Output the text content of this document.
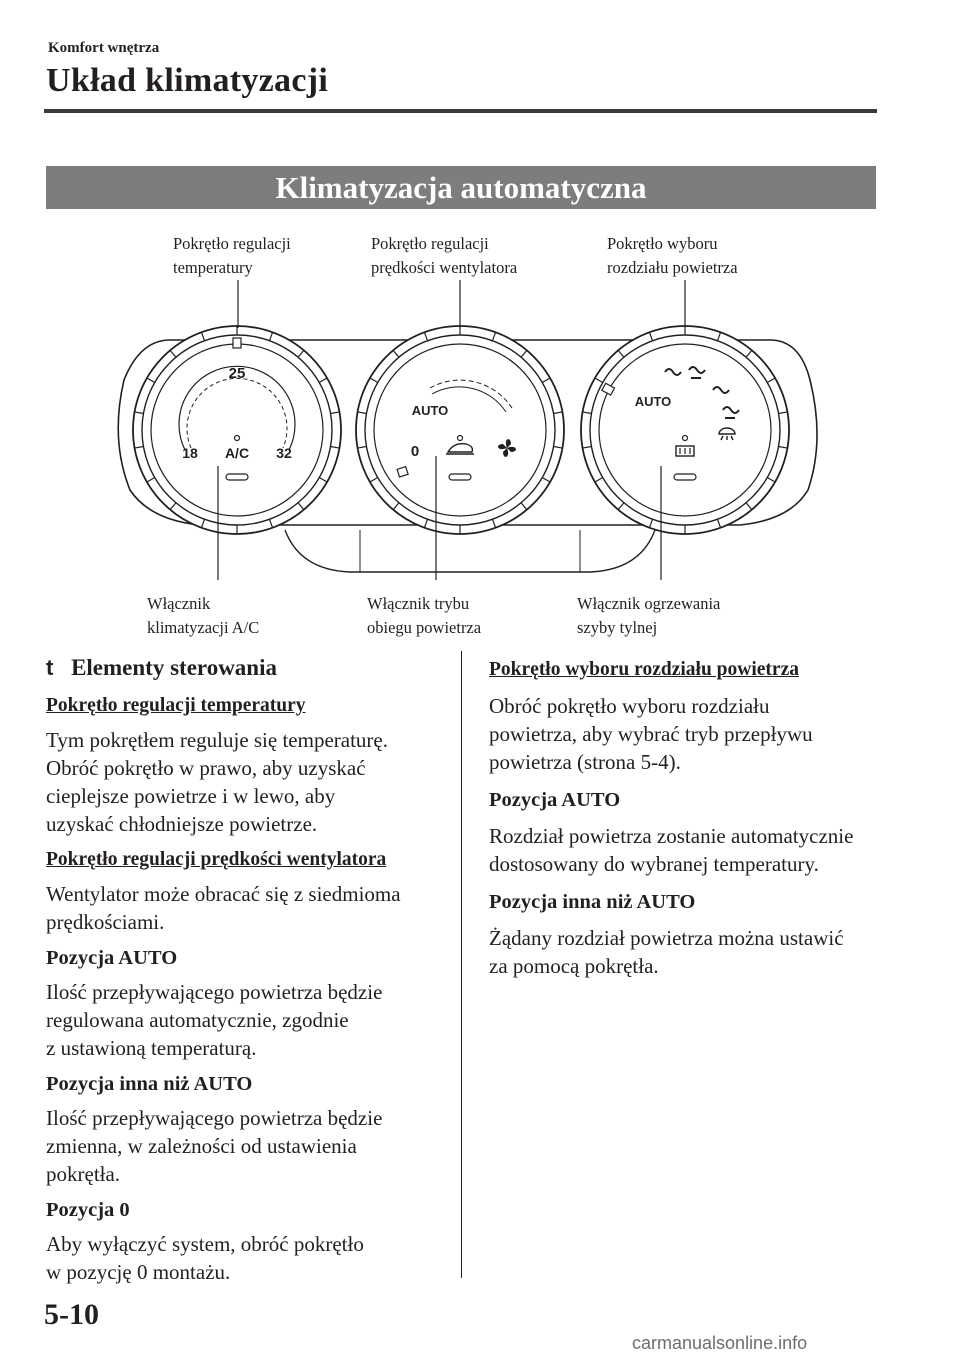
Komfort wnętrza
Układ klimatyzacji
Klimatyzacja automatyczna
Pokrętło regulacji
temperatury
Pokrętło regulacji
prędkości wentylatora
Pokrętło wyboru
rozdziału powietrza
25
18	32
A/C
AUTO
0
AUTO
Włącznik
klimatyzacji A/C
Włącznik trybu
obiegu powietrza
Włącznik ogrzewania
szyby tylnej
t Elementy sterowania
Pokrętło regulacji temperatury
Tym pokrętłem reguluje się temperaturę.
Obróć pokrętło w prawo, aby uzyskać
cieplejsze powietrze i w lewo, aby
uzyskać chłodniejsze powietrze.
Pokrętło regulacji prędkości wentylatora
Wentylator może obracać się z siedmioma
prędkościami.
Pozycja AUTO
Ilość przepływającego powietrza będzie
regulowana automatycznie, zgodnie
z ustawioną temperaturą.
Pozycja inna niż AUTO
Ilość przepływającego powietrza będzie
zmienna, w zależności od ustawienia
pokrętła.
Pozycja 0
Aby wyłączyć system, obróć pokrętło
w pozycję 0 montażu.
Pokrętło wyboru rozdziału powietrza
Obróć pokrętło wyboru rozdziału
powietrza, aby wybrać tryb przepływu
powietrza (strona 5-4).
Pozycja AUTO
Rozdział powietrza zostanie automatycznie
dostosowany do wybranej temperatury.
Pozycja inna niż AUTO
Żądany rozdział powietrza można ustawić
za pomocą pokrętła.
5-10
carmanualsonline.info
